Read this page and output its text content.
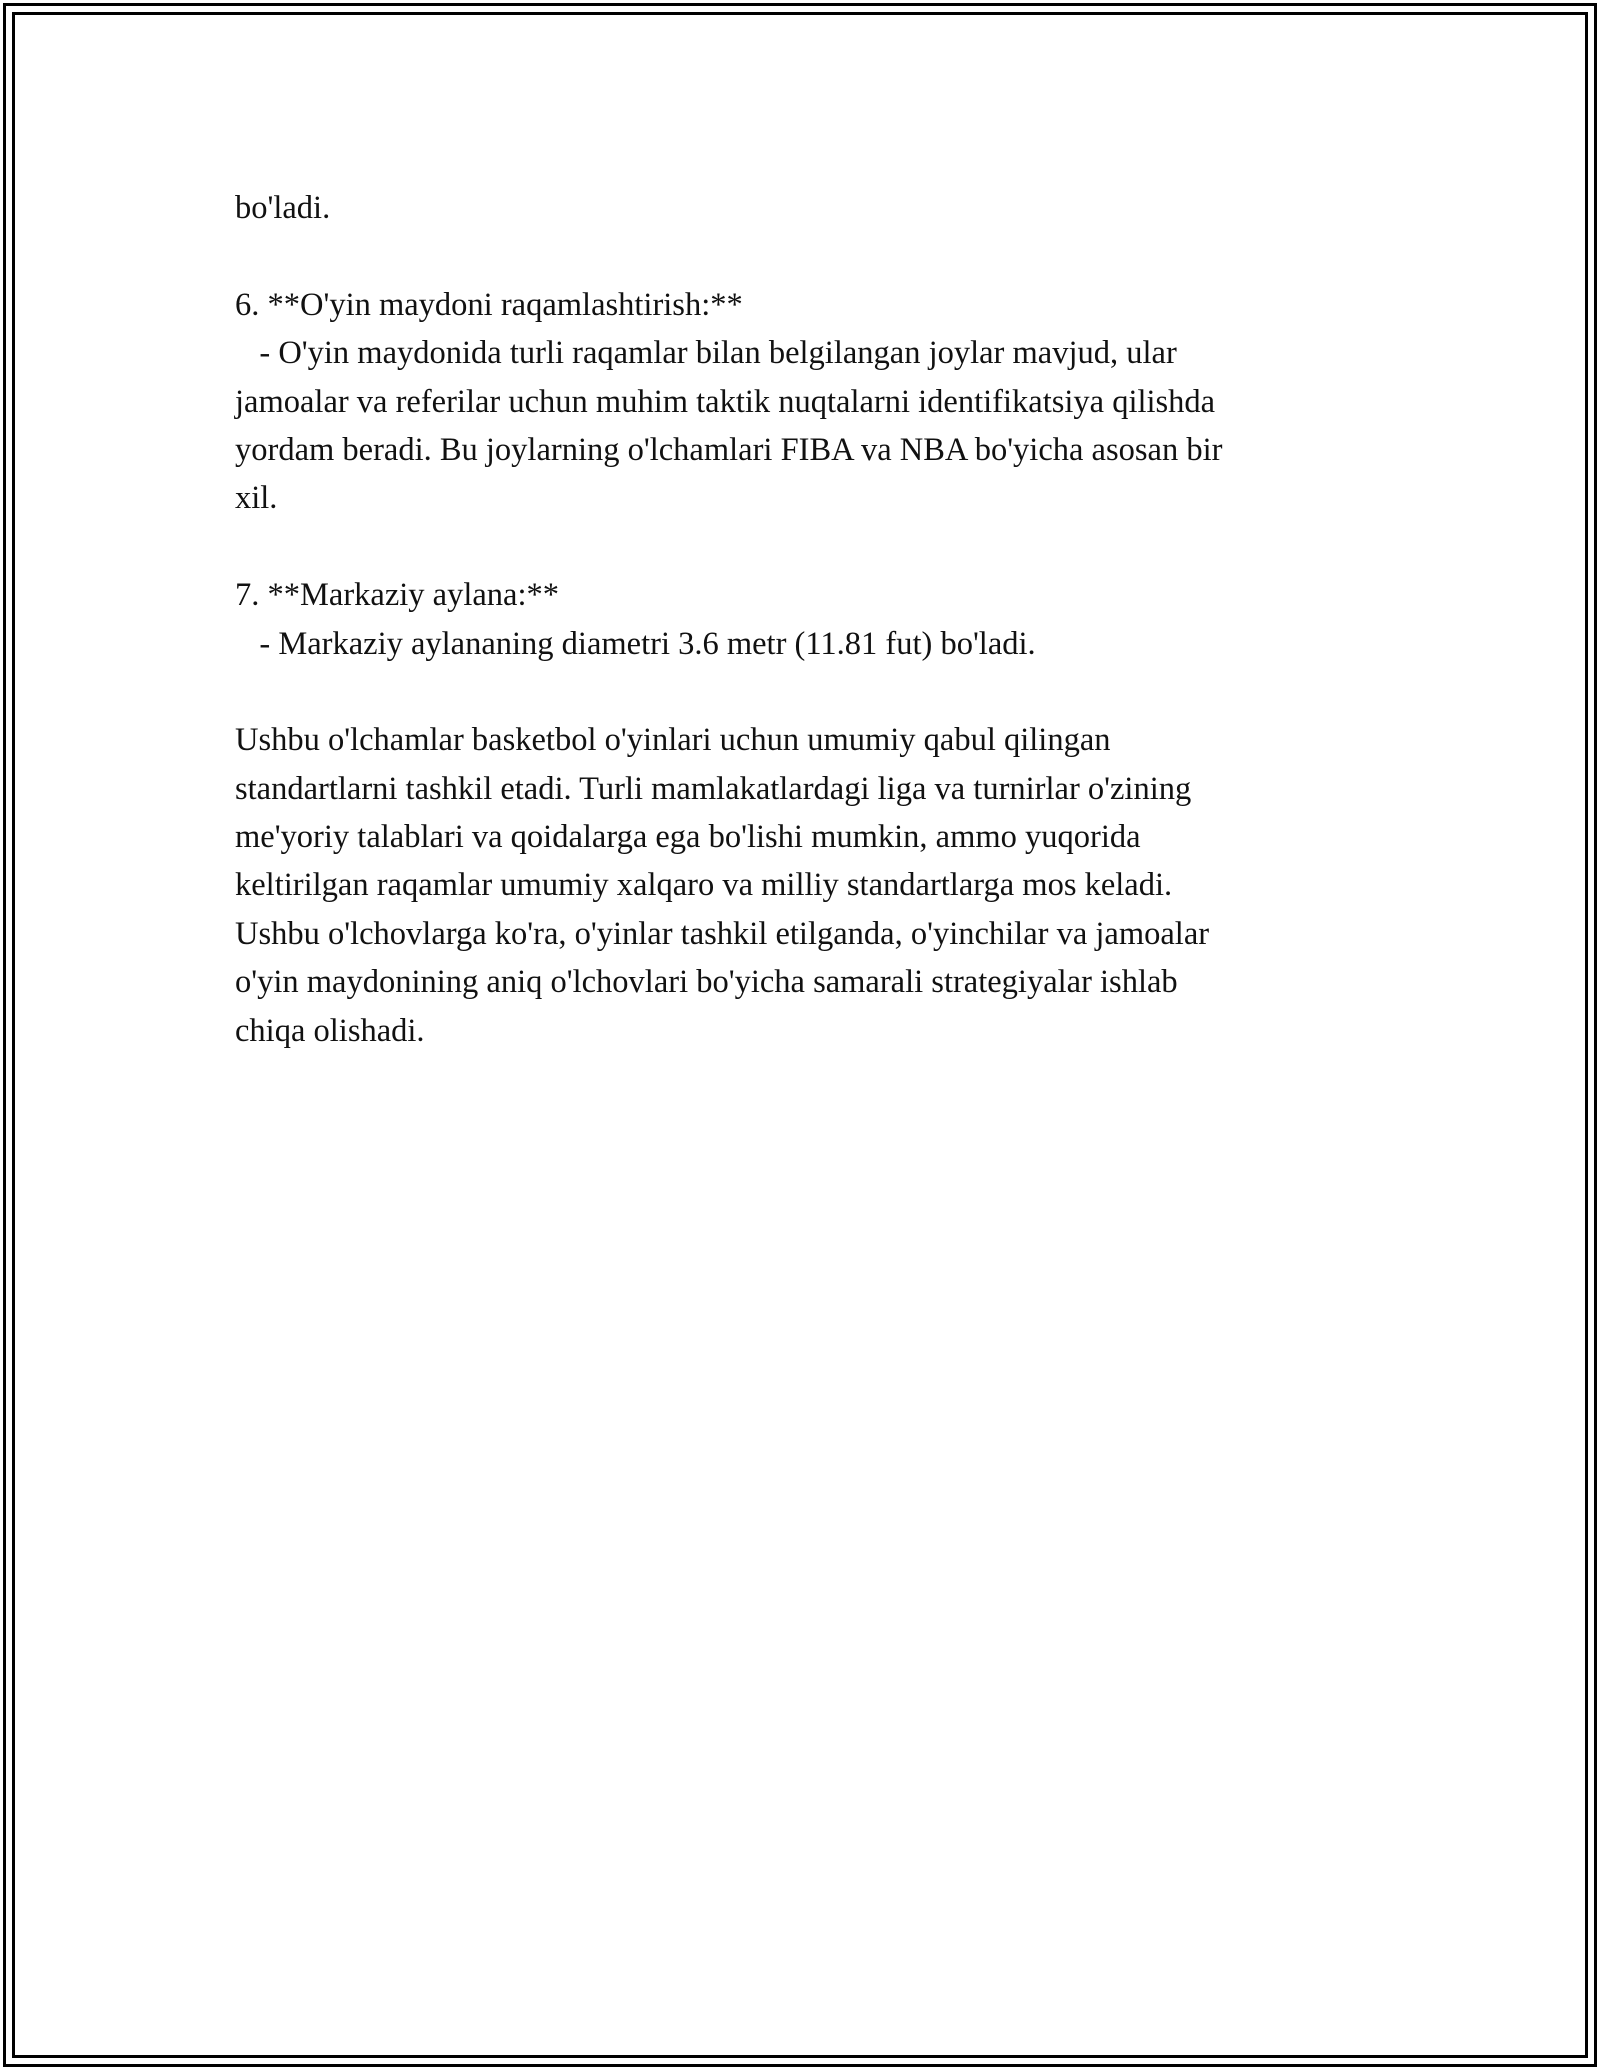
bo'ladi.
6. **O'yin maydoni raqamlashtirish:**
- O'yin maydonida turli raqamlar bilan belgilangan joylar mavjud, ular
jamoalar va referilar uchun muhim taktik nuqtalarni identifikatsiya qilishda
yordam beradi. Bu joylarning o'lchamlari FIBA va NBA bo'yicha asosan bir
xil.
7. **Markaziy aylana:**
- Markaziy aylananing diametri 3.6 metr (11.81 fut) bo'ladi.
Ushbu o'lchamlar basketbol o'yinlari uchun umumiy qabul qilingan
standartlarni tashkil etadi. Turli mamlakatlardagi liga va turnirlar o'zining
me'yoriy talablari va qoidalarga ega bo'lishi mumkin, ammo yuqorida
keltirilgan raqamlar umumiy xalqaro va milliy standartlarga mos keladi.
Ushbu o'lchovlarga ko'ra, o'yinlar tashkil etilganda, o'yinchilar va jamoalar
o'yin maydonining aniq o'lchovlari bo'yicha samarali strategiyalar ishlab
chiqa olishadi.
